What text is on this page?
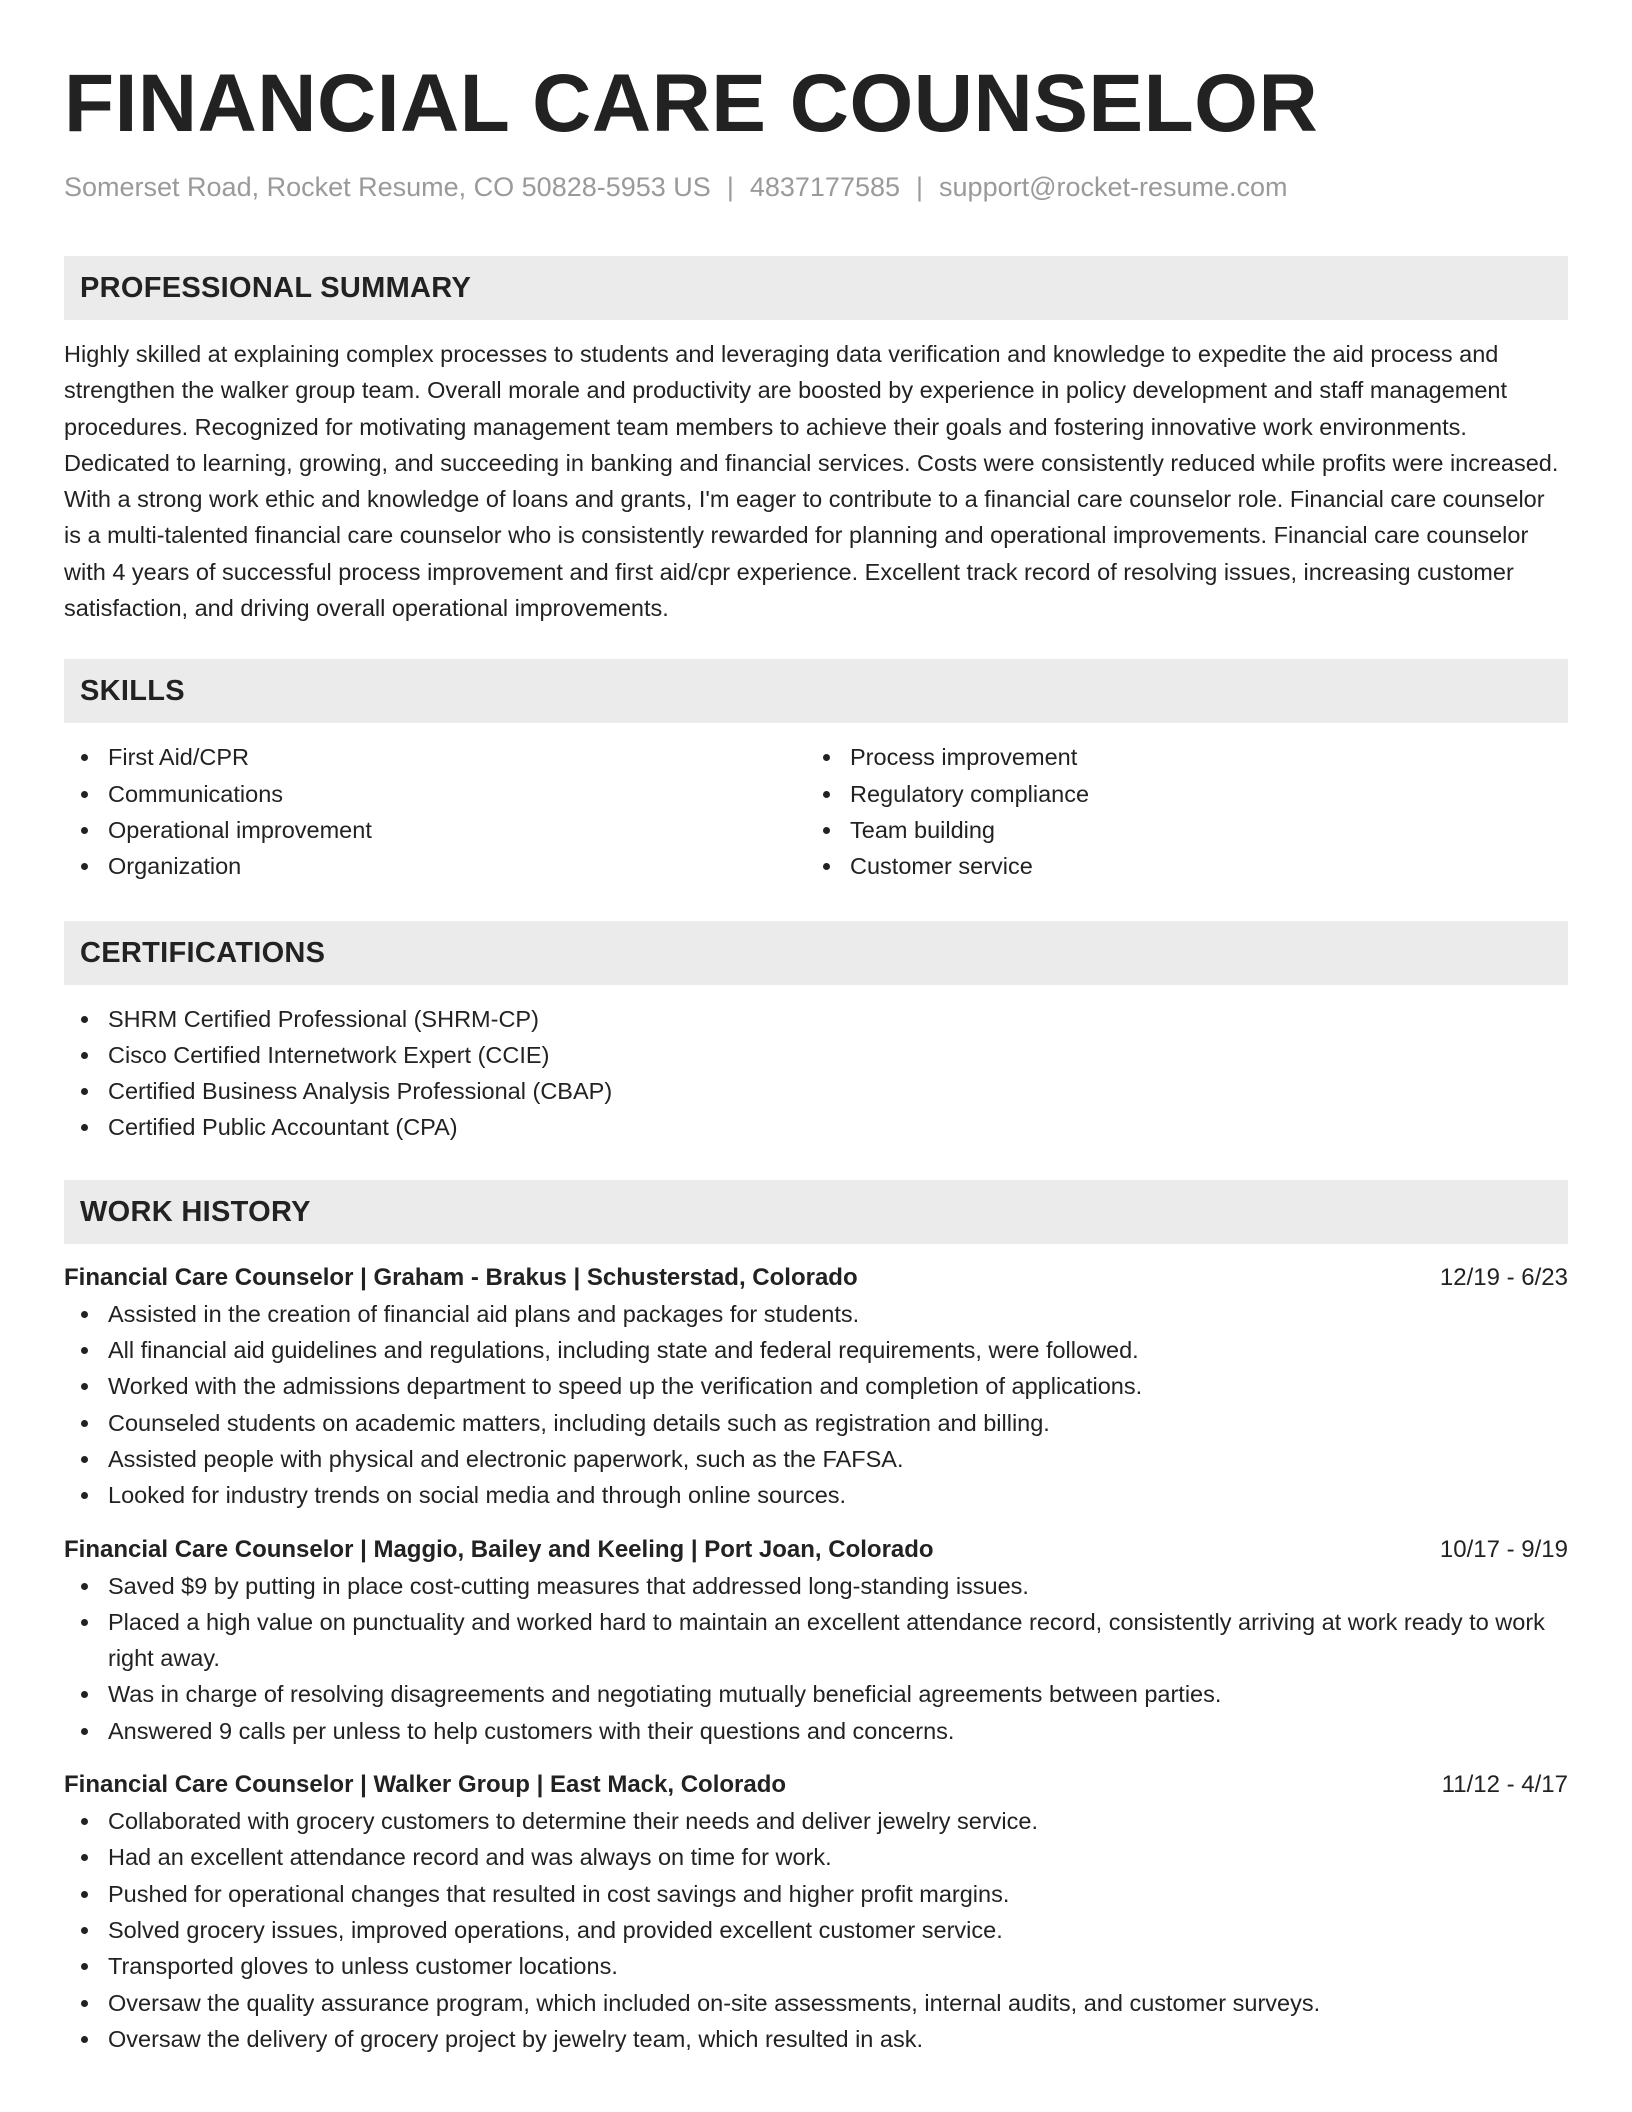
FINANCIAL CARE COUNSELOR
Somerset Road, Rocket Resume, CO 50828-5953 US | 4837177585 | support@rocket-resume.com
PROFESSIONAL SUMMARY

Highly skilled at explaining complex processes to students and leveraging data verification and knowledge to expedite the aid process and strengthen the walker group team. Overall morale and productivity are boosted by experience in policy development and staff management procedures. Recognized for motivating management team members to achieve their goals and fostering innovative work environments. Dedicated to learning, growing, and succeeding in banking and financial services. Costs were consistently reduced while profits were increased. With a strong work ethic and knowledge of loans and grants, I'm eager to contribute to a financial care counselor role. Financial care counselor is a multi-talented financial care counselor who is consistently rewarded for planning and operational improvements. Financial care counselor with 4 years of successful process improvement and first aid/cpr experience. Excellent track record of resolving issues, increasing customer satisfaction, and driving overall operational improvements.

SKILLS
First Aid/CPR
Communications
Operational improvement
Organization
Process improvement
Regulatory compliance
Team building
Customer service
CERTIFICATIONS
SHRM Certified Professional (SHRM-CP)
Cisco Certified Internetwork Expert (CCIE)
Certified Business Analysis Professional (CBAP)
Certified Public Accountant (CPA)
WORK HISTORY
Financial Care Counselor | Graham - Brakus | Schusterstad, Colorado	12/19 - 6/23
Assisted in the creation of financial aid plans and packages for students.
All financial aid guidelines and regulations, including state and federal requirements, were followed.
Worked with the admissions department to speed up the verification and completion of applications.
Counseled students on academic matters, including details such as registration and billing.
Assisted people with physical and electronic paperwork, such as the FAFSA.
Looked for industry trends on social media and through online sources.
Financial Care Counselor | Maggio, Bailey and Keeling | Port Joan, Colorado	10/17 - 9/19
Saved $9 by putting in place cost-cutting measures that addressed long-standing issues.
Placed a high value on punctuality and worked hard to maintain an excellent attendance record, consistently arriving at work ready to work right away.
Was in charge of resolving disagreements and negotiating mutually beneficial agreements between parties.
Answered 9 calls per unless to help customers with their questions and concerns.
Financial Care Counselor | Walker Group | East Mack, Colorado	11/12 - 4/17
Collaborated with grocery customers to determine their needs and deliver jewelry service.
Had an excellent attendance record and was always on time for work.
Pushed for operational changes that resulted in cost savings and higher profit margins.
Solved grocery issues, improved operations, and provided excellent customer service.
Transported gloves to unless customer locations.
Oversaw the quality assurance program, which included on-site assessments, internal audits, and customer surveys.
Oversaw the delivery of grocery project by jewelry team, which resulted in ask.
